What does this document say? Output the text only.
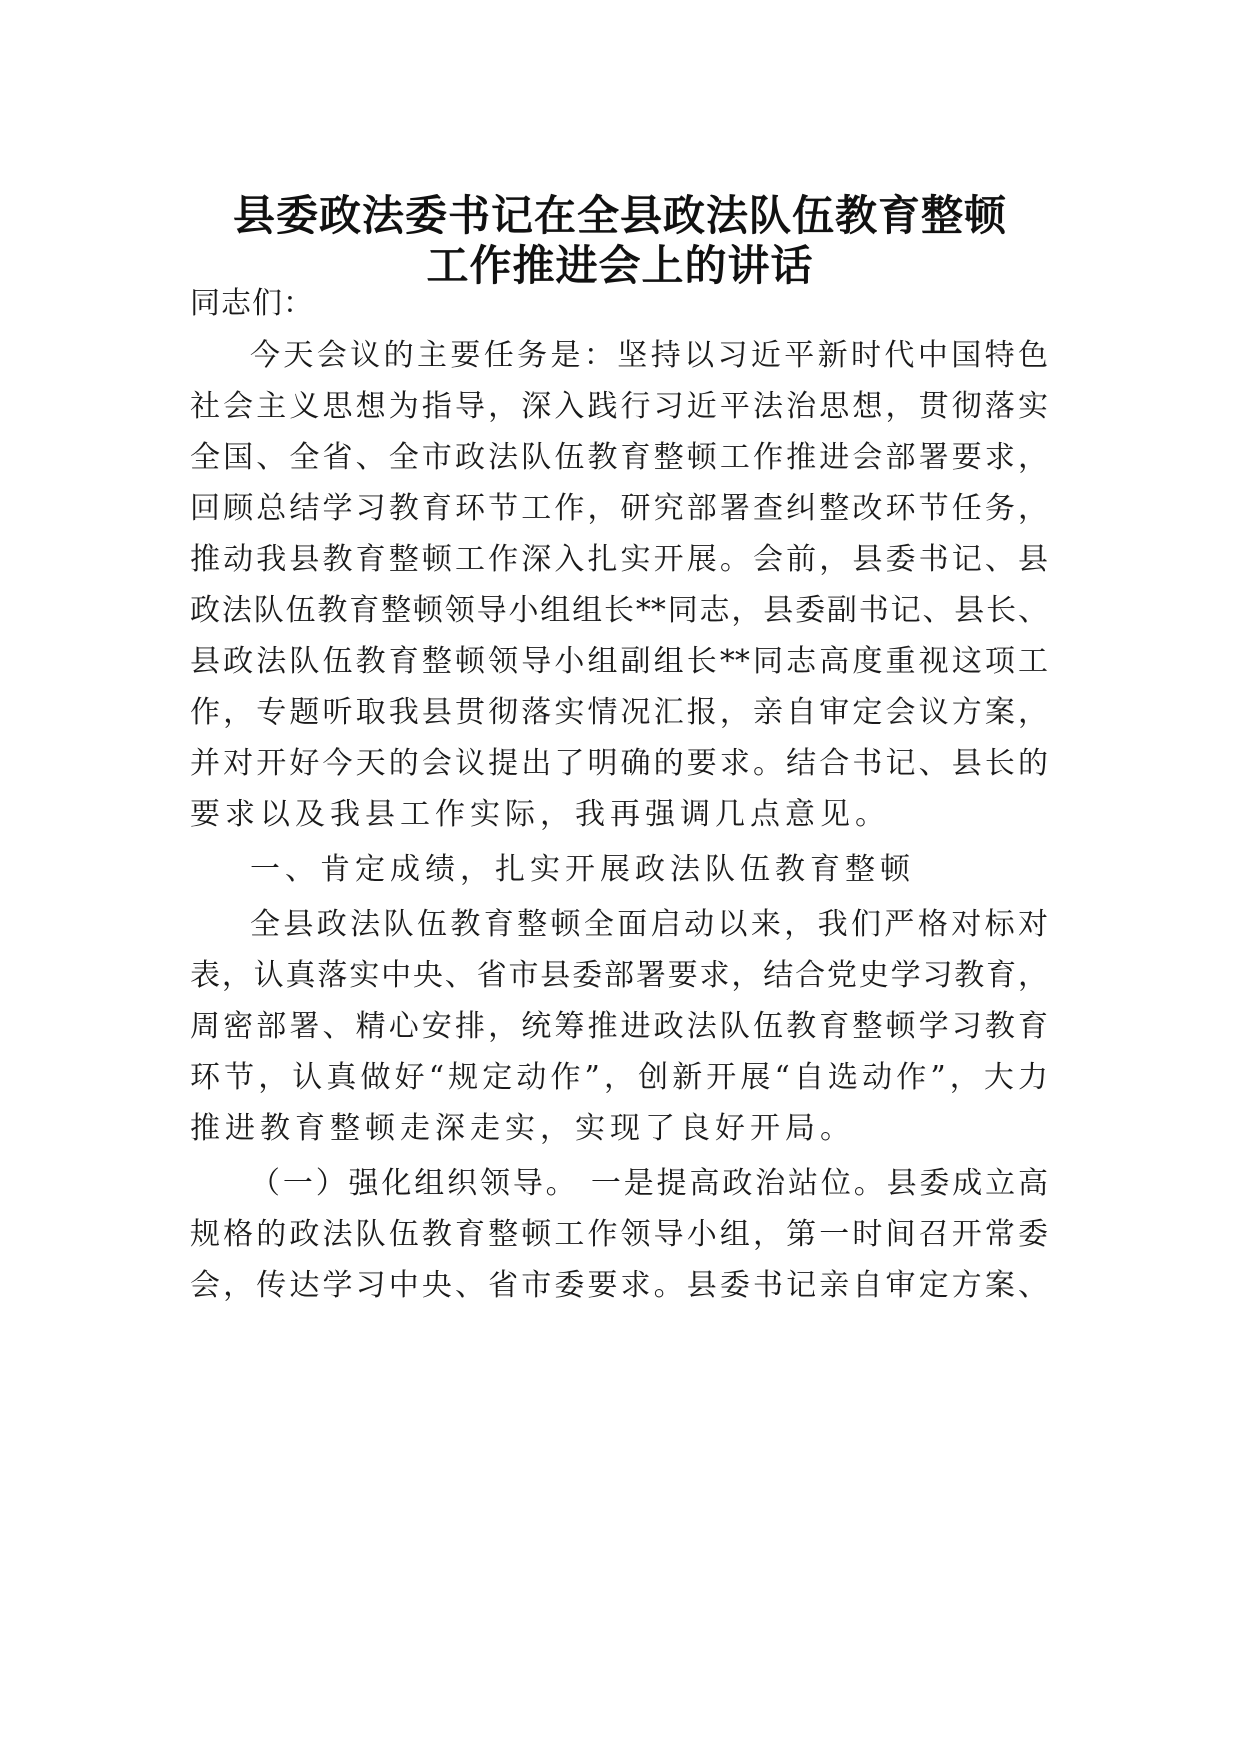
县委政法委书记在全县政法队伍教育整顿
工作推进会上的讲话
同志们：
今天会议的主要任务是：坚持以习近平新时代中国特色
社会主义思想为指导，深入践行习近平法治思想，贯彻落实
全国、全省、全市政法队伍教育整顿工作推进会部署要求，
回顾总结学习教育环节工作，研究部署查纠整改环节任务，
推动我县教育整顿工作深入扎实开展。会前，县委书记、县
政法队伍教育整顿领导小组组长**同志，县委副书记、县长、
县政法队伍教育整顿领导小组副组长**同志高度重视这项工
作，专题听取我县贯彻落实情况汇报，亲自审定会议方案，
并对开好今天的会议提出了明确的要求。结合书记、县长的
要求以及我县工作实际，我再强调几点意见。
一、肯定成绩，扎实开展政法队伍教育整顿
全县政法队伍教育整顿全面启动以来，我们严格对标对
表，认真落实中央、省市县委部署要求，结合党史学习教育，
周密部署、精心安排，统筹推进政法队伍教育整顿学习教育
环节，认真做好“规定动作”，创新开展“自选动作”，大力
推进教育整顿走深走实，实现了良好开局。
（一）强化组织领导。 一是提高政治站位。县委成立高
规格的政法队伍教育整顿工作领导小组，第一时间召开常委
会，传达学习中央、省市委要求。县委书记亲自审定方案、
